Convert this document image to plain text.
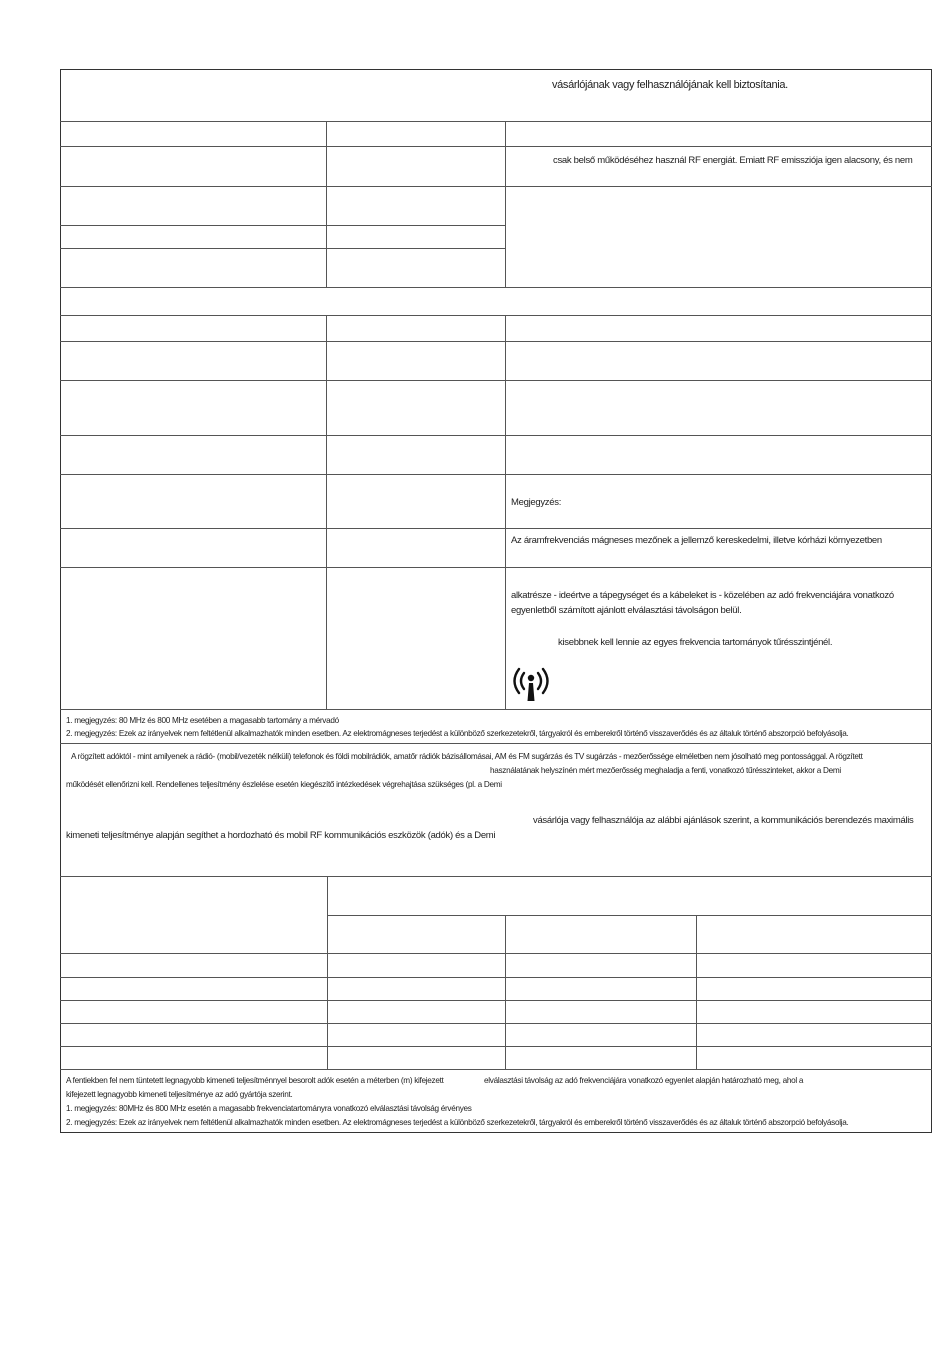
vásárlójának vagy felhasználójának kell biztosítania.
csak belső működéséhez használ RF energiát. Emiatt RF emissziója igen alacsony, és nem
Megjegyzés:
Az áramfrekvenciás mágneses mezőnek a jellemző kereskedelmi, illetve kórházi környezetben
alkatrésze - ideértve a tápegységet és a kábeleket is - közelében az adó frekvenciájára vonatkozó
egyenletből számított ajánlott elválasztási távolságon belül.
kisebbnek kell lennie az egyes frekvencia tartományok tűrésszintjénél.
1. megjegyzés: 80 MHz és 800 MHz esetében a magasabb tartomány a mérvadó
2. megjegyzés: Ezek az irányelvek nem feltétlenül alkalmazhatók minden esetben. Az elektromágneses terjedést a különböző szerkezetekről, tárgyakról és emberekről történő visszaverődés és az általuk történő abszorpció befolyásolja.
A rögzített adóktól - mint amilyenek a rádió- (mobil/vezeték nélküli) telefonok és földi mobilrádiók, amatőr rádiók bázisállomásai, AM és FM sugárzás és TV sugárzás - mezőerőssége elméletben nem jósolható meg pontossággal. A rögzített
használatának helyszínén mért mezőerősség meghaladja a fenti, vonatkozó tűrésszinteket, akkor a Demi
működését ellenőrizni kell. Rendellenes teljesítmény észlelése esetén kiegészítő intézkedések végrehajtása szükséges (pl. a Demi
vásárlója vagy felhasználója az alábbi ajánlások szerint, a kommunikációs berendezés maximális
kimeneti teljesítménye alapján segíthet a hordozható és mobil RF kommunikációs eszközök (adók) és a Demi
A fentiekben fel nem tüntetett legnagyobb kimeneti teljesítménnyel besorolt adók esetén a méterben (m) kifejezett	elválasztási távolság az adó frekvenciájára vonatkozó egyenlet alapján határozható meg, ahol a
kifejezett legnagyobb kimeneti teljesítménye az adó gyártója szerint.
1. megjegyzés: 80MHz és 800 MHz esetén a magasabb frekvenciatartományra vonatkozó elválasztási távolság érvényes
2. megjegyzés: Ezek az irányelvek nem feltétlenül alkalmazhatók minden esetben. Az elektromágneses terjedést a különböző szerkezetekről, tárgyakról és emberekről történő visszaverődés és az általuk történő abszorpció befolyásolja.
